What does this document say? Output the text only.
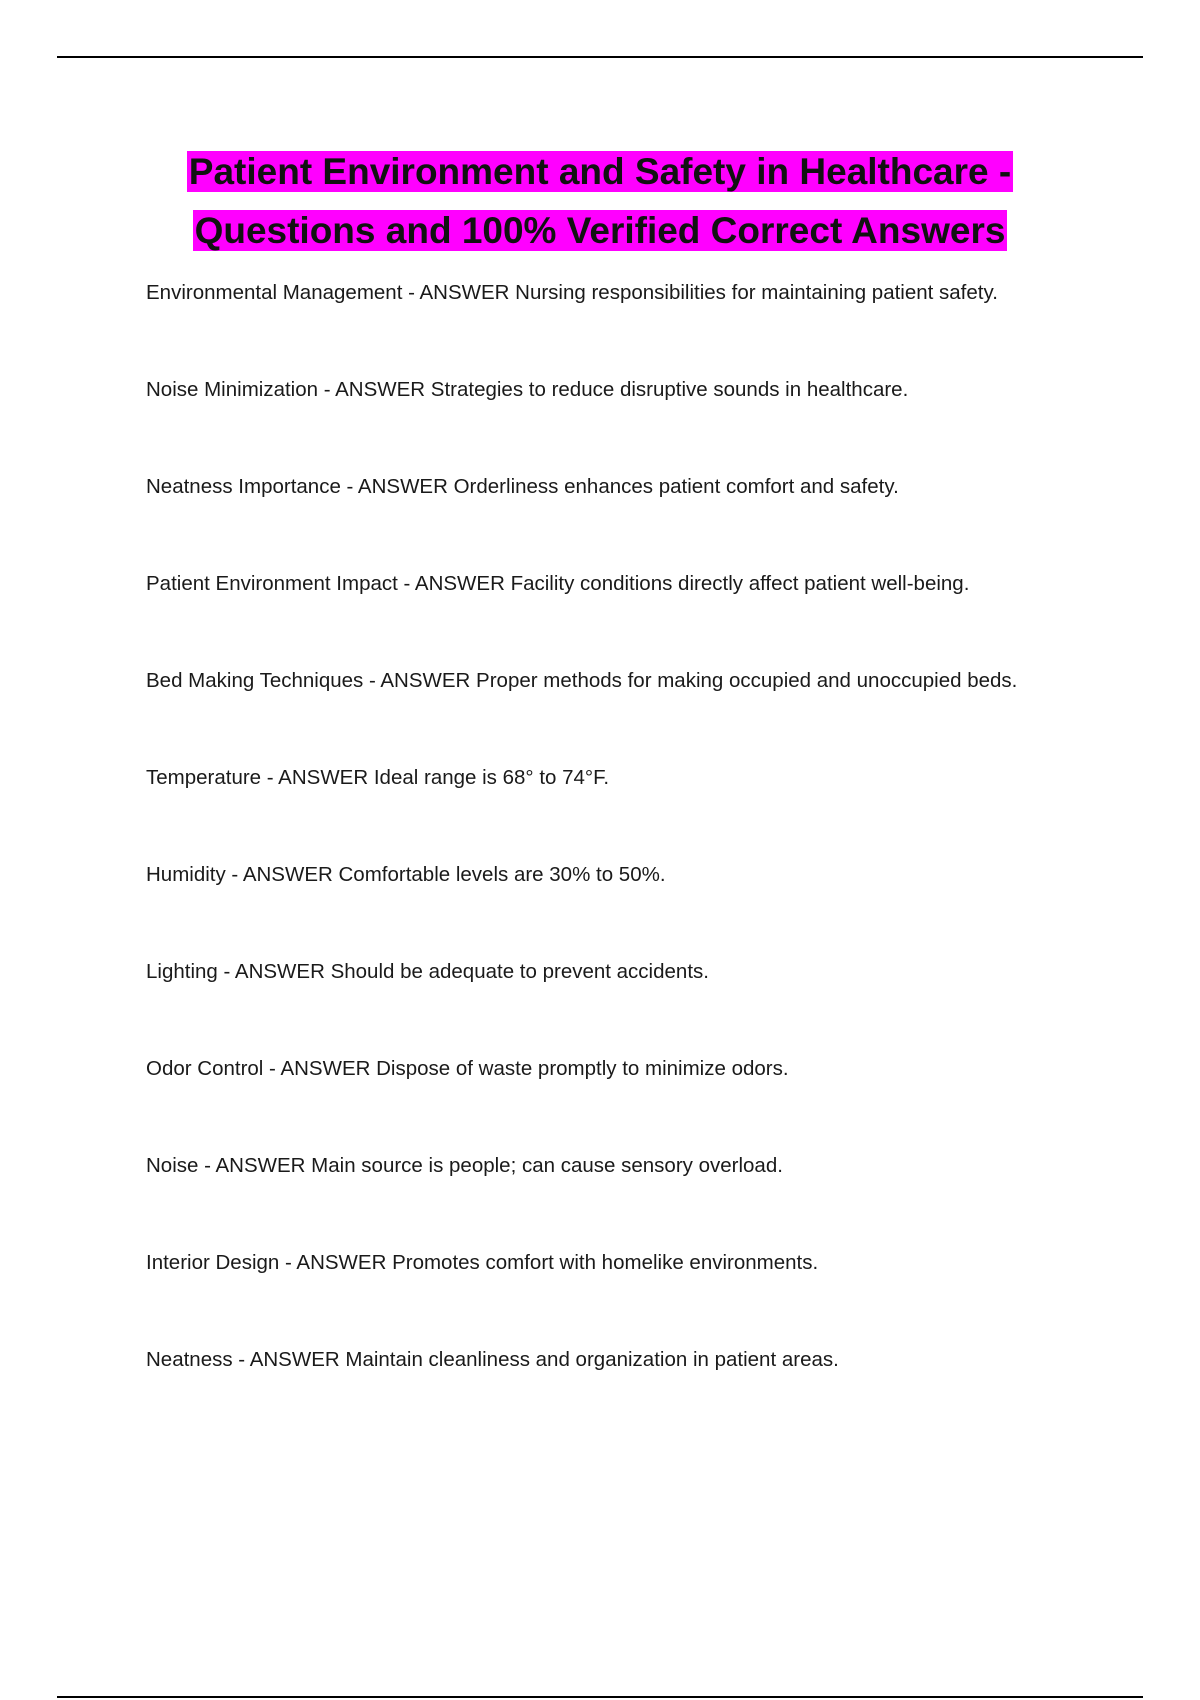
Patient Environment and Safety in Healthcare -
Questions and 100% Verified Correct Answers
Environmental Management - ANSWER Nursing responsibilities for maintaining patient safety.
Noise Minimization - ANSWER Strategies to reduce disruptive sounds in healthcare.
Neatness Importance - ANSWER Orderliness enhances patient comfort and safety.
Patient Environment Impact - ANSWER Facility conditions directly affect patient well-being.
Bed Making Techniques - ANSWER Proper methods for making occupied and unoccupied beds.
Temperature - ANSWER Ideal range is 68° to 74°F.
Humidity - ANSWER Comfortable levels are 30% to 50%.
Lighting - ANSWER Should be adequate to prevent accidents.
Odor Control - ANSWER Dispose of waste promptly to minimize odors.
Noise - ANSWER Main source is people; can cause sensory overload.
Interior Design - ANSWER Promotes comfort with homelike environments.
Neatness - ANSWER Maintain cleanliness and organization in patient areas.
